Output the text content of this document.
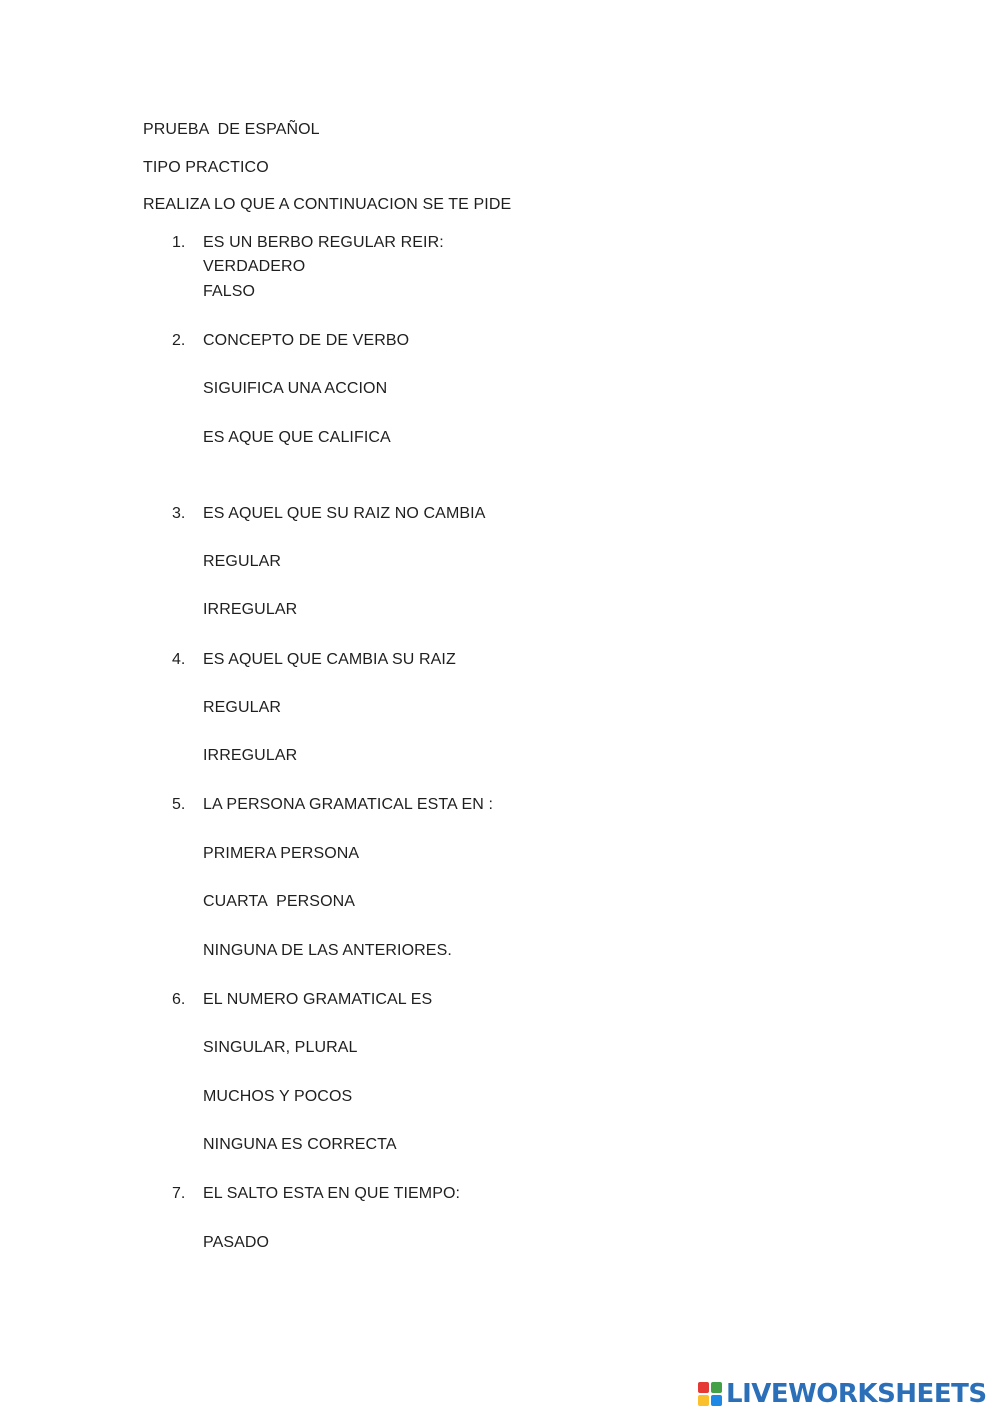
PRUEBA  DE ESPAÑOL
TIPO PRACTICO
REALIZA LO QUE A CONTINUACION SE TE PIDE
1. ES UN BERBO REGULAR REIR:
VERDADERO
FALSO
2. CONCEPTO DE DE VERBO
SIGUIFICA UNA ACCION
ES AQUE QUE CALIFICA
3. ES AQUEL QUE SU RAIZ NO CAMBIA
REGULAR
IRREGULAR
4. ES AQUEL QUE CAMBIA SU RAIZ
REGULAR
IRREGULAR
5. LA PERSONA GRAMATICAL ESTA EN :
PRIMERA PERSONA
CUARTA  PERSONA
NINGUNA DE LAS ANTERIORES.
6. EL NUMERO GRAMATICAL ES
SINGULAR, PLURAL
MUCHOS Y POCOS
NINGUNA ES CORRECTA
7. EL SALTO ESTA EN QUE TIEMPO:
PASADO
LIVEWORKSHEETS
